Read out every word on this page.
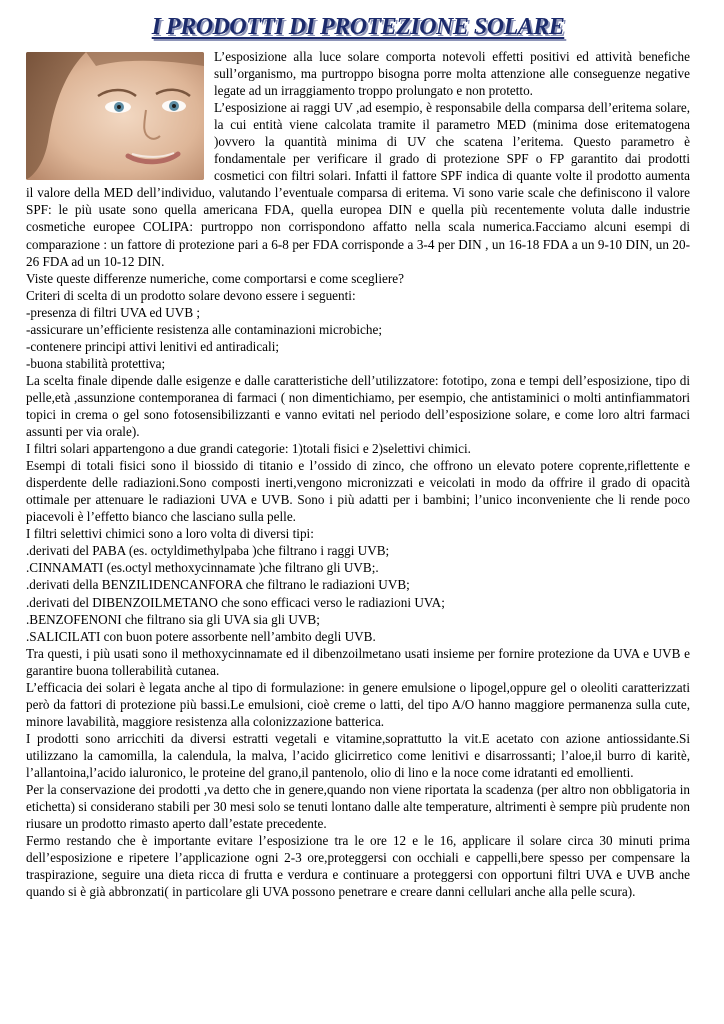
I PRODOTTI DI PROTEZIONE SOLARE

L’esposizione alla luce solare comporta notevoli effetti positivi ed attività benefiche sull’organismo, ma purtroppo bisogna porre molta attenzione alle conseguenze negative legate ad un irraggiamento troppo prolungato e non protetto.

L’esposizione ai raggi UV ,ad esempio, è responsabile della comparsa dell’eritema solare, la cui entità viene calcolata tramite il parametro MED (minima dose eritematogena )ovvero la quantità minima di UV che scatena l’eritema. Questo parametro è fondamentale per verificare il grado di protezione SPF o FP garantito dai prodotti cosmetici con filtri solari. Infatti il fattore SPF indica di quante volte il prodotto aumenta il valore della MED dell’individuo, valutando l’eventuale comparsa di eritema. Vi sono varie scale che definiscono il valore SPF: le più usate sono quella americana FDA, quella europea DIN e quella più recentemente voluta dalle industrie cosmetiche europee COLIPA: purtroppo non corrispondono affatto nella scala numerica.Facciamo alcuni esempi di comparazione : un fattore di protezione pari a 6-8 per FDA corrisponde a 3-4 per DIN , un 16-18 FDA a un 9-10 DIN, un 20-26 FDA ad un 10-12 DIN.

Viste queste differenze numeriche, come comportarsi e come scegliere?

Criteri di scelta di un prodotto solare devono essere i seguenti:

-presenza di filtri UVA ed UVB ;

-assicurare un’efficiente resistenza alle contaminazioni microbiche;

-contenere principi attivi lenitivi ed antiradicali;

-buona stabilità protettiva;

La scelta finale dipende dalle esigenze e dalle caratteristiche dell’utilizzatore: fototipo, zona e tempi dell’esposizione, tipo di pelle,età ,assunzione contemporanea di farmaci ( non dimentichiamo, per esempio, che antistaminici o molti antinfiammatori topici in crema o gel sono fotosensibilizzanti e vanno evitati nel periodo dell’esposizione solare, e come loro altri farmaci assunti per via orale).

I filtri solari appartengono a due grandi categorie: 1)totali fisici e 2)selettivi chimici.

Esempi di totali fisici sono il biossido di titanio e l’ossido di zinco, che offrono un elevato potere coprente,riflettente e disperdente delle radiazioni.Sono composti inerti,vengono micronizzati e veicolati in modo da offrire il grado di opacità ottimale per attenuare le radiazioni UVA e UVB. Sono i più adatti per i bambini; l’unico inconveniente che li rende poco piacevoli è l’effetto bianco che lasciano sulla pelle.

I filtri selettivi chimici sono a loro volta di diversi tipi:

.derivati del PABA (es. octyldimethylpaba )che filtrano i raggi UVB;

.CINNAMATI (es.octyl methoxycinnamate )che filtrano gli UVB;.

.derivati della BENZILIDENCANFORA che filtrano le radiazioni UVB;

.derivati del DIBENZOILMETANO che sono efficaci verso le radiazioni UVA;

.BENZOFENONI che filtrano sia gli UVA sia gli UVB;

.SALICILATI con buon potere assorbente nell’ambito degli UVB.

Tra questi, i più usati sono il methoxycinnamate ed il dibenzoilmetano usati insieme per fornire protezione da UVA e UVB e garantire buona tollerabilità cutanea.

L’efficacia dei solari è legata anche al tipo di formulazione: in genere emulsione o lipogel,oppure gel o oleoliti caratterizzati però da fattori di protezione più bassi.Le emulsioni, cioè creme o latti, del tipo A/O hanno maggiore permanenza sulla cute, minore lavabilità, maggiore resistenza alla colonizzazione batterica.

I prodotti sono arricchiti da diversi estratti vegetali e vitamine,soprattutto la vit.E acetato con azione antiossidante.Si utilizzano la camomilla, la calendula, la malva, l’acido glicirretico come lenitivi e disarrossanti; l’aloe,il burro di karitè, l’allantoina,l’acido ialuronico, le proteine del grano,il pantenolo, olio di lino e la noce come idratanti ed emollienti.

Per la conservazione dei prodotti ,va detto che in genere,quando non viene riportata la scadenza (per altro non obbligatoria in etichetta) si considerano stabili per 30 mesi solo se tenuti lontano dalle alte temperature, altrimenti è sempre più prudente non riusare un prodotto rimasto aperto dall’estate precedente.

Fermo restando che è importante evitare l’esposizione tra le ore 12 e le 16, applicare il solare circa 30 minuti prima dell’esposizione e ripetere l’applicazione ogni 2-3 ore,proteggersi con occhiali e cappelli,bere spesso per compensare la traspirazione, seguire una dieta ricca di frutta e verdura e continuare a proteggersi con opportuni filtri UVA e UVB anche quando si è già abbronzati( in particolare gli UVA possono penetrare e creare danni cellulari anche alla pelle scura).
